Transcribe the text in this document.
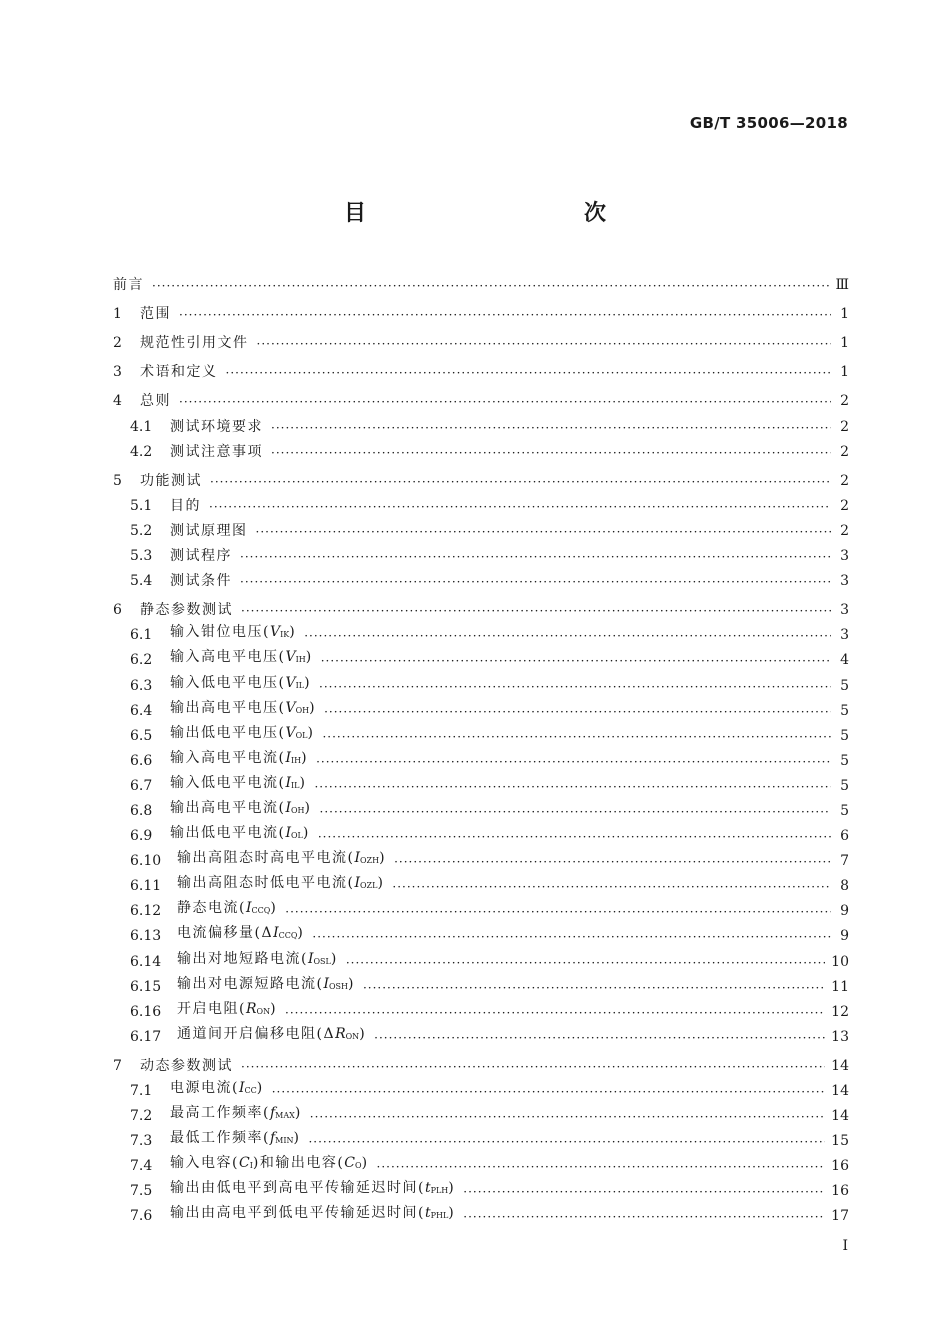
GB/T 35006—2018
目　　次
前言 ·····	Ⅲ
1	范围 ·····	1
2	规范性引用文件 ·····	1
3	术语和定义 ·····	1
4	总则 ·····	2
4.1	测试环境要求 ·····	2
4.2	测试注意事项 ·····	2
5	功能测试 ·····	2
5.1	目的 ·····	2
5.2	测试原理图 ·····	2
5.3	测试程序 ·····	3
5.4	测试条件 ·····	3
6	静态参数测试 ·····	3
6.1	输入钳位电压$(V_{IK})$ ·····	3
6.2	输入高电平电压$(V_{IH})$ ·····	4
6.3	输入低电平电压$(V_{IL})$ ·····	5
6.4	输出高电平电压$(V_{OH})$ ·····	5
6.5	输出低电平电压$(V_{OL})$ ·····	5
6.6	输入高电平电流$(I_{IH})$ ·····	5
6.7	输入低电平电流$(I_{IL})$ ·····	5
6.8	输出高电平电流$(I_{OH})$ ·····	5
6.9	输出低电平电流$(I_{OL})$ ·····	6
6.10	输出高阻态时高电平电流$(I_{OZH})$ ·····	7
6.11	输出高阻态时低电平电流$(I_{OZL})$ ·····	8
6.12	静态电流$(I_{CCQ})$ ·····	9
6.13	电流偏移量$(\Delta I_{CCQ})$ ·····	9
6.14	输出对地短路电流$(I_{OSL})$ ·····	10
6.15	输出对电源短路电流$(I_{OSH})$ ·····	11
6.16	开启电阻$(R_{ON})$ ·····	12
6.17	通道间开启偏移电阻$(\Delta R_{ON})$ ·····	13
7	动态参数测试 ·····	14
7.1	电源电流$(I_{CC})$ ·····	14
7.2	最高工作频率$(f_{MAX})$ ·····	14
7.3	最低工作频率$(f_{MIN})$ ·····	15
7.4	输入电容$(C_I)$和输出电容$(C_O)$ ·····	16
7.5	输出由低电平到高电平传输延迟时间$(t_{PLH})$ ·····	16
7.6	输出由高电平到低电平传输延迟时间$(t_{PHL})$ ·····	17
I
